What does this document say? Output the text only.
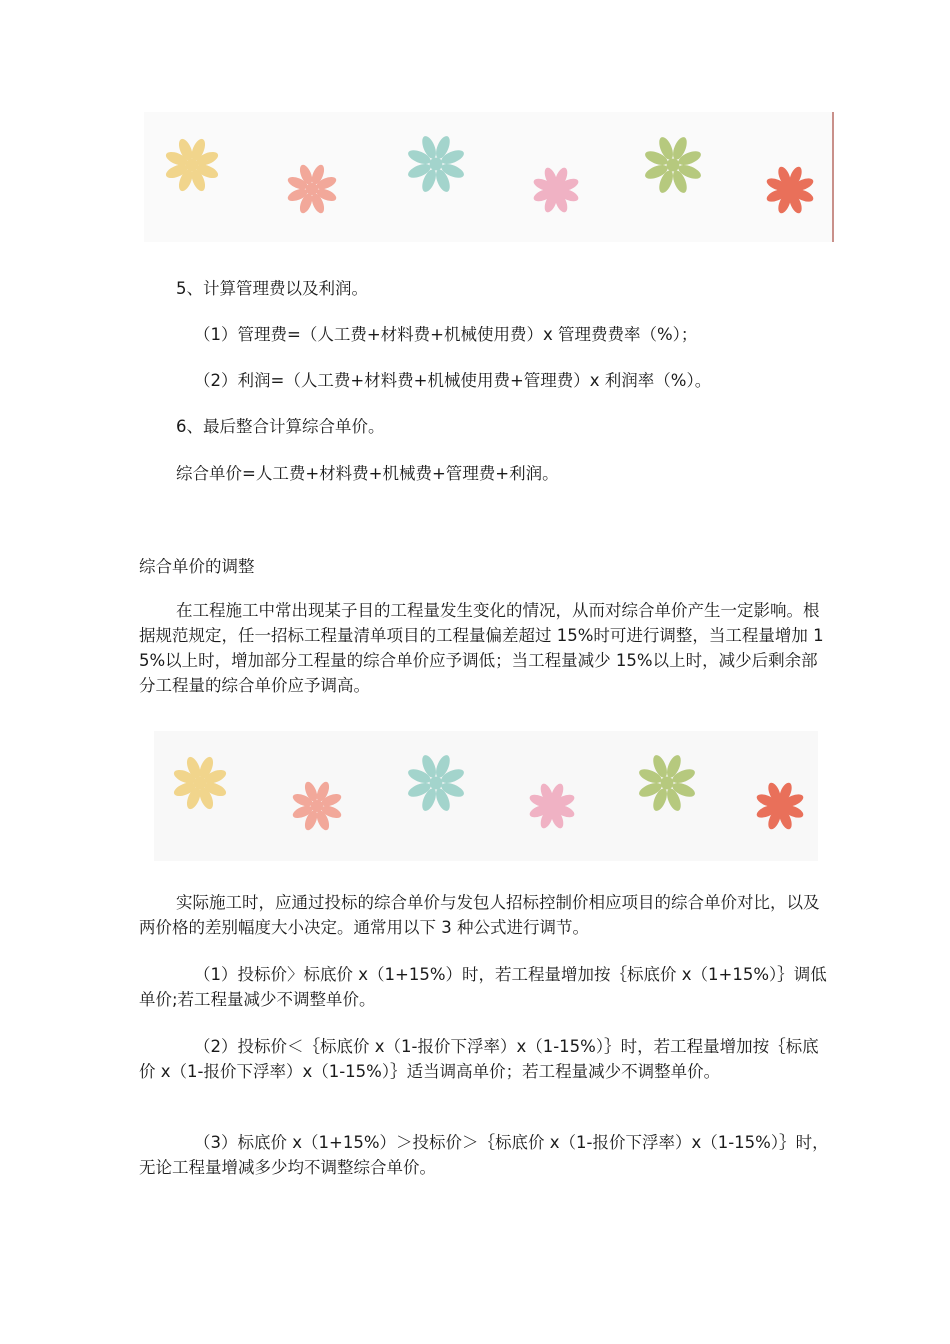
5、计算管理费以及利润。

（1）管理费=（人工费+材料费+机械使用费）x 管理费费率（%）；

（2）利润=（人工费+材料费+机械使用费+管理费）x 利润率（%）。

6、最后整合计算综合单价。

综合单价=人工费+材料费+机械费+管理费+利润。

综合单价的调整

在工程施工中常出现某子目的工程量发生变化的情况，从而对综合单价产生一定影响。根据规范规定，任一招标工程量清单项目的工程量偏差超过 15%时可进行调整，当工程量增加 15%以上时，增加部分工程量的综合单价应予调低；当工程量减少 15%以上时，减少后剩余部分工程量的综合单价应予调高。

实际施工时，应通过投标的综合单价与发包人招标控制价相应项目的综合单价对比，以及两价格的差别幅度大小决定。通常用以下 3 种公式进行调节。

（1）投标价〉标底价 x（1+15%）时，若工程量增加按｛标底价 x（1+15%）｝调低单价;若工程量减少不调整单价。

（2）投标价＜｛标底价 x（1-报价下浮率）x（1-15%）｝时，若工程量增加按｛标底价 x（1-报价下浮率）x（1-15%）｝适当调高单价；若工程量减少不调整单价。

（3）标底价 x（1+15%）＞投标价＞｛标底价 x（1-报价下浮率）x（1-15%）｝时，无论工程量增减多少均不调整综合单价。
